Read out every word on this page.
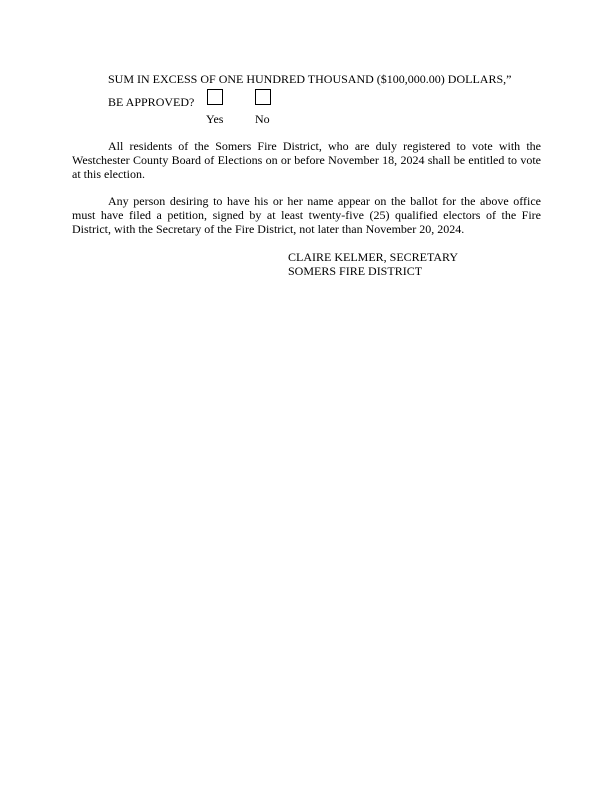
SUM IN EXCESS OF ONE HUNDRED THOUSAND ($100,000.00) DOLLARS,”
BE APPROVED?
Yes	No
All residents of the Somers Fire District, who are duly registered to vote with the Westchester County Board of Elections on or before November 18, 2024 shall be entitled to vote at this election.
Any person desiring to have his or her name appear on the ballot for the above office must have filed a petition, signed by at least twenty-five (25) qualified electors of the Fire District, with the Secretary of the Fire District, not later than November 20, 2024.
CLAIRE KELMER, SECRETARY
SOMERS FIRE DISTRICT
